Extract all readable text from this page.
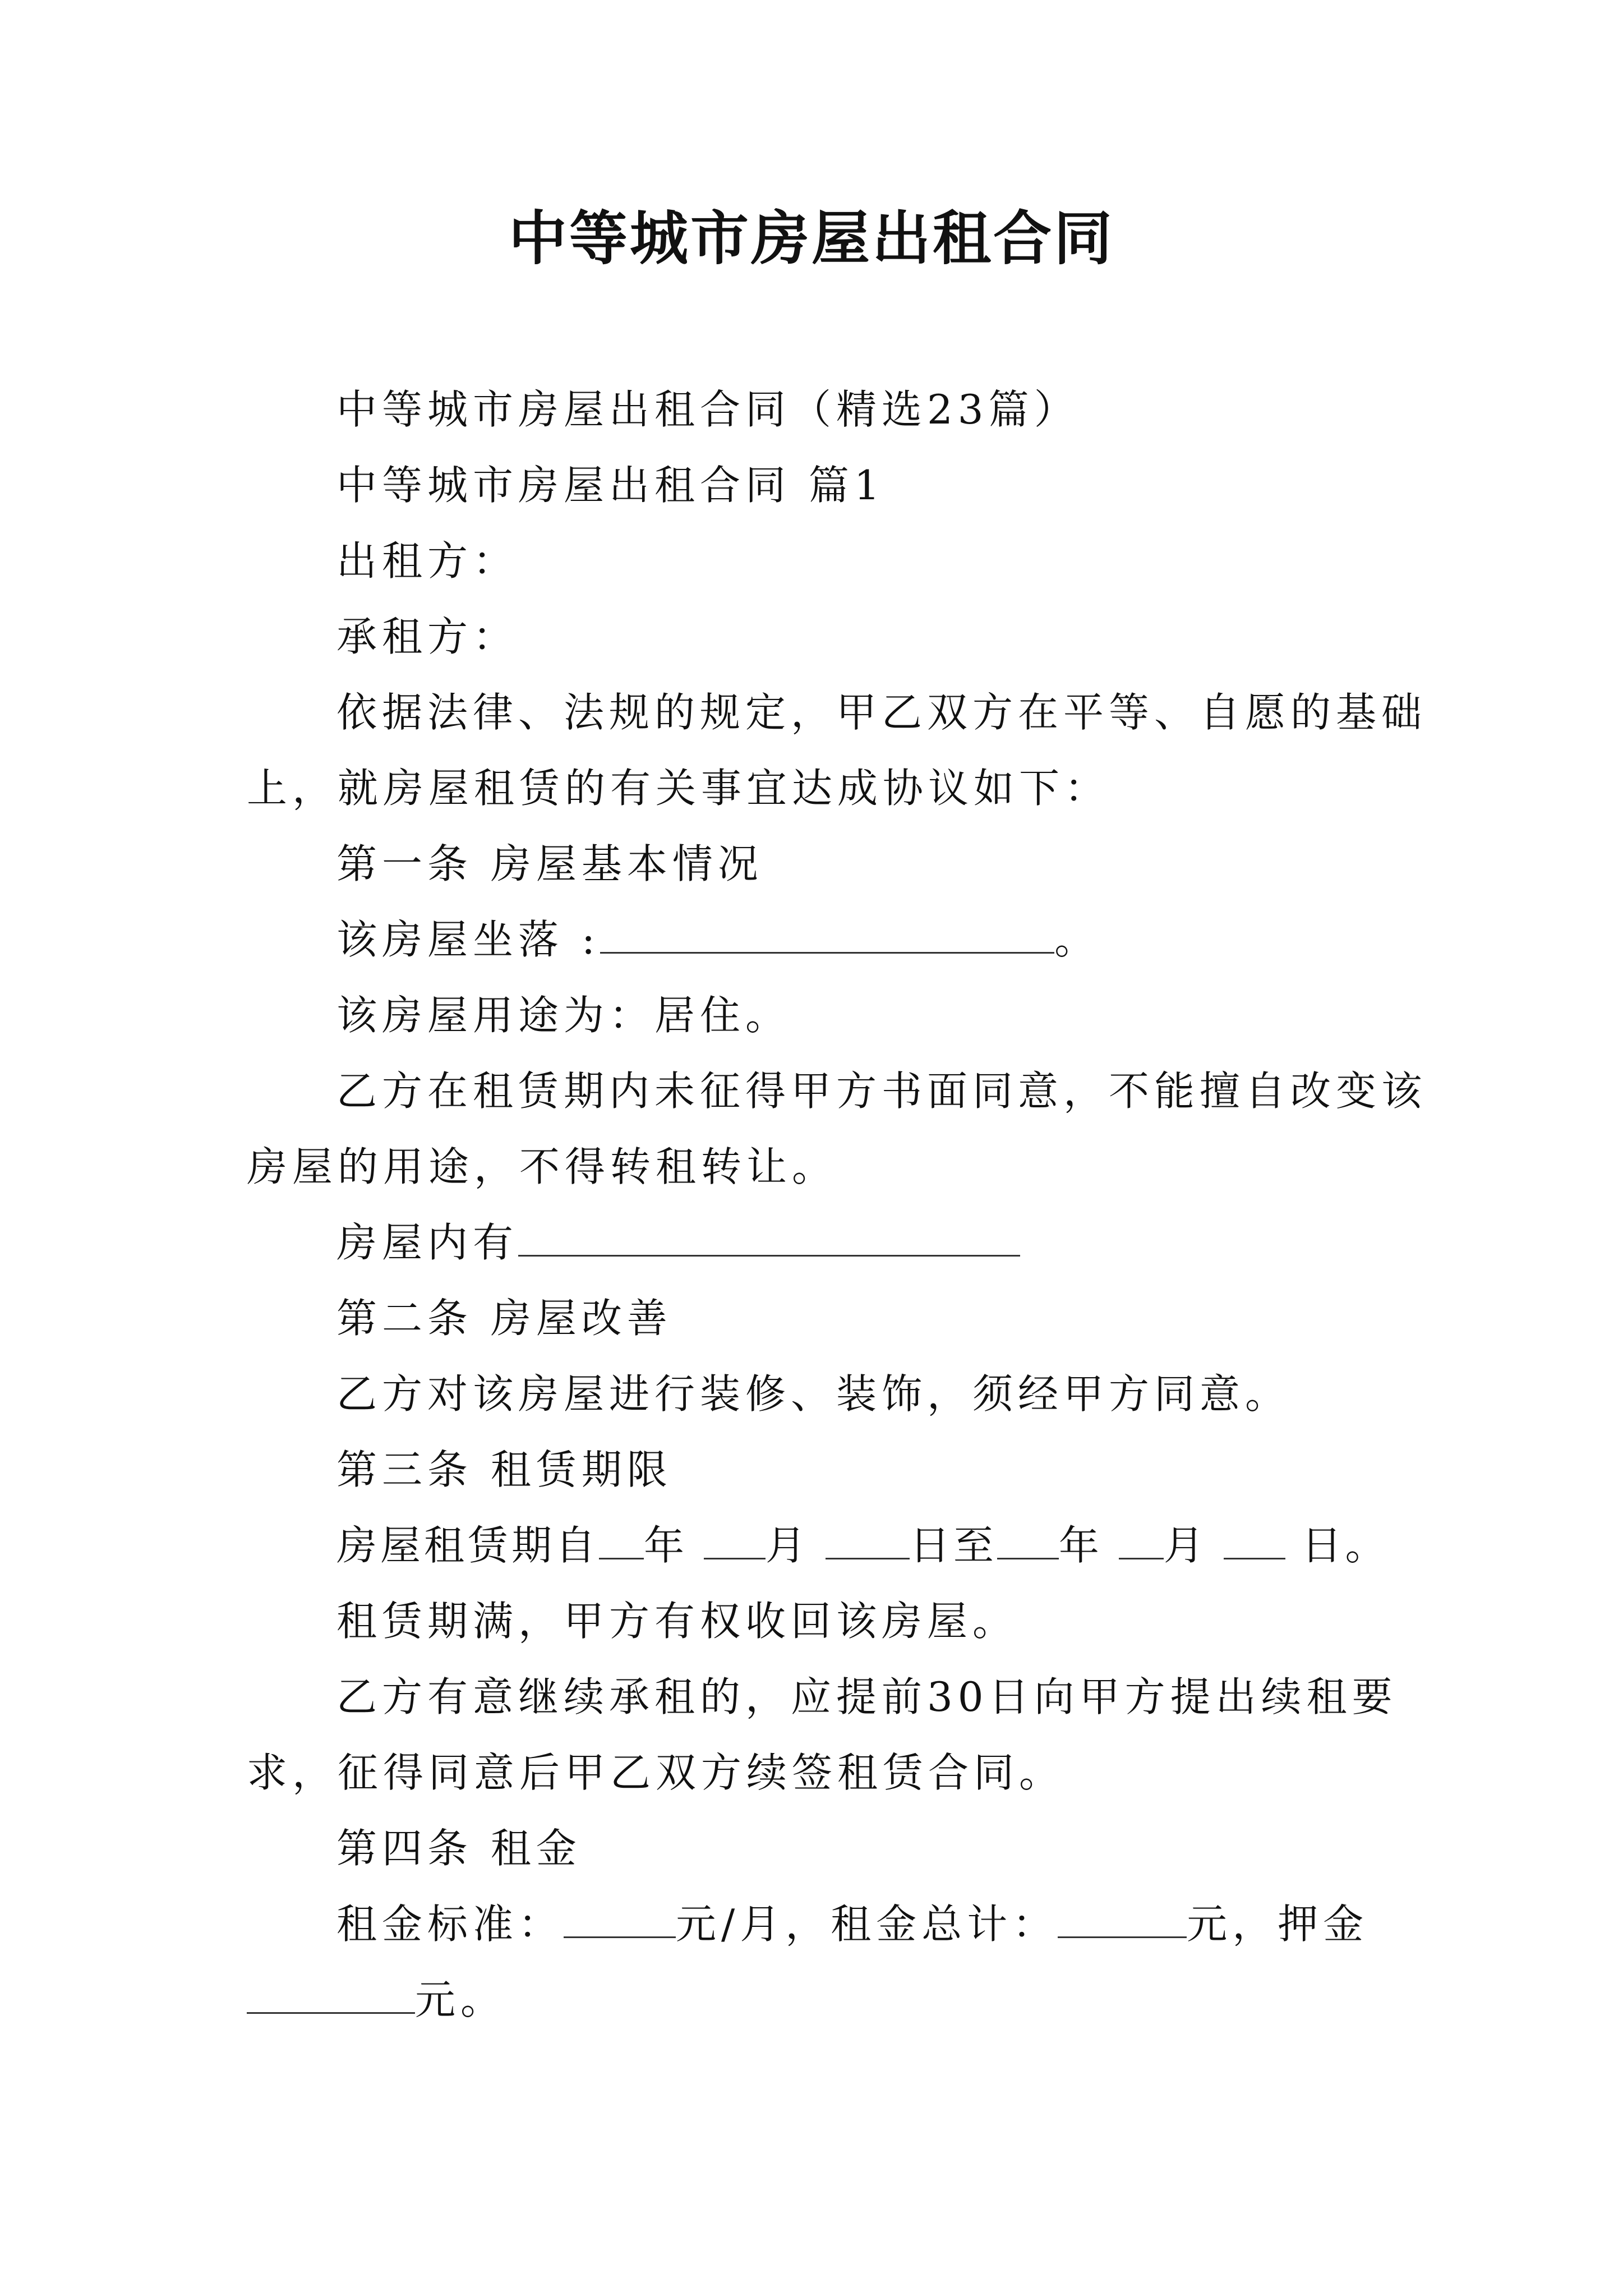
中等城市房屋出租合同
中等城市房屋出租合同（精选23篇）
中等城市房屋出租合同 篇1
出租方：
承租方：
依据法律、法规的规定，甲乙双方在平等、自愿的基础
上，就房屋租赁的有关事宜达成协议如下：
第一条 房屋基本情况
该房屋坐落 :	。
该房屋用途为：居住。
乙方在租赁期内未征得甲方书面同意，不能擅自改变该
房屋的用途，不得转租转让。
房屋内有
第二条 房屋改善
乙方对该房屋进行装修、装饰，须经甲方同意。
第三条 租赁期限
房屋租赁期自 年 月 日至 年 月 日。
租赁期满，甲方有权收回该房屋。
乙方有意继续承租的，应提前30日向甲方提出续租要
求，征得同意后甲乙双方续签租赁合同。
第四条 租金
租金标准：	元/月，租金总计：	元，押金
元。
